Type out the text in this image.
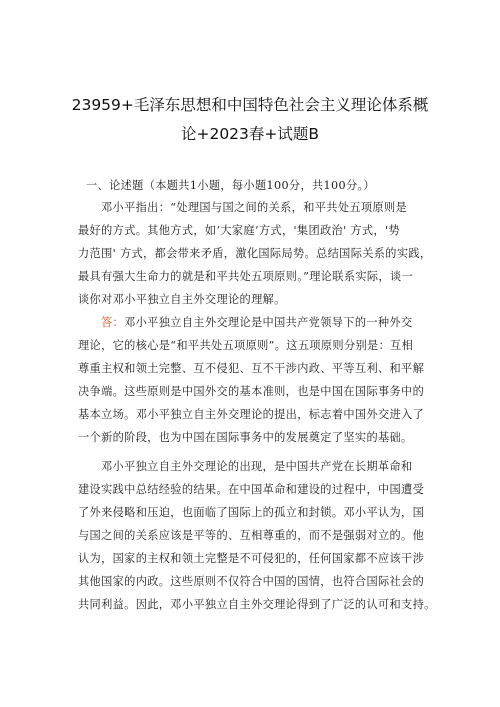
23959+毛泽东思想和中国特色社会主义理论体系概
论+2023春+试题B
一、论述题（本题共1小题，每小题100分，共100分。）
邓小平指出：“处理国与国之间的关系，和平共处五项原则是
最好的方式。其他方式，如‘大家庭’方式，'集团政治' 方式，'势
力范围' 方式，都会带来矛盾，激化国际局势。总结国际关系的实践，
最具有强大生命力的就是和平共处五项原则。”理论联系实际，谈一
谈你对邓小平独立自主外交理论的理解。
答：邓小平独立自主外交理论是中国共产党领导下的一种外交
理论，它的核心是“和平共处五项原则”。这五项原则分别是：互相
尊重主权和领土完整、互不侵犯、互不干涉内政、平等互利、和平解
决争端。这些原则是中国外交的基本准则，也是中国在国际事务中的
基本立场。邓小平独立自主外交理论的提出，标志着中国外交进入了
一个新的阶段，也为中国在国际事务中的发展奠定了坚实的基础。
邓小平独立自主外交理论的出现，是中国共产党在长期革命和
建设实践中总结经验的结果。在中国革命和建设的过程中，中国遭受
了外来侵略和压迫，也面临了国际上的孤立和封锁。邓小平认为，国
与国之间的关系应该是平等的、互相尊重的，而不是强弱对立的。他
认为，国家的主权和领土完整是不可侵犯的，任何国家都不应该干涉
其他国家的内政。这些原则不仅符合中国的国情，也符合国际社会的
共同利益。因此，邓小平独立自主外交理论得到了广泛的认可和支持。
